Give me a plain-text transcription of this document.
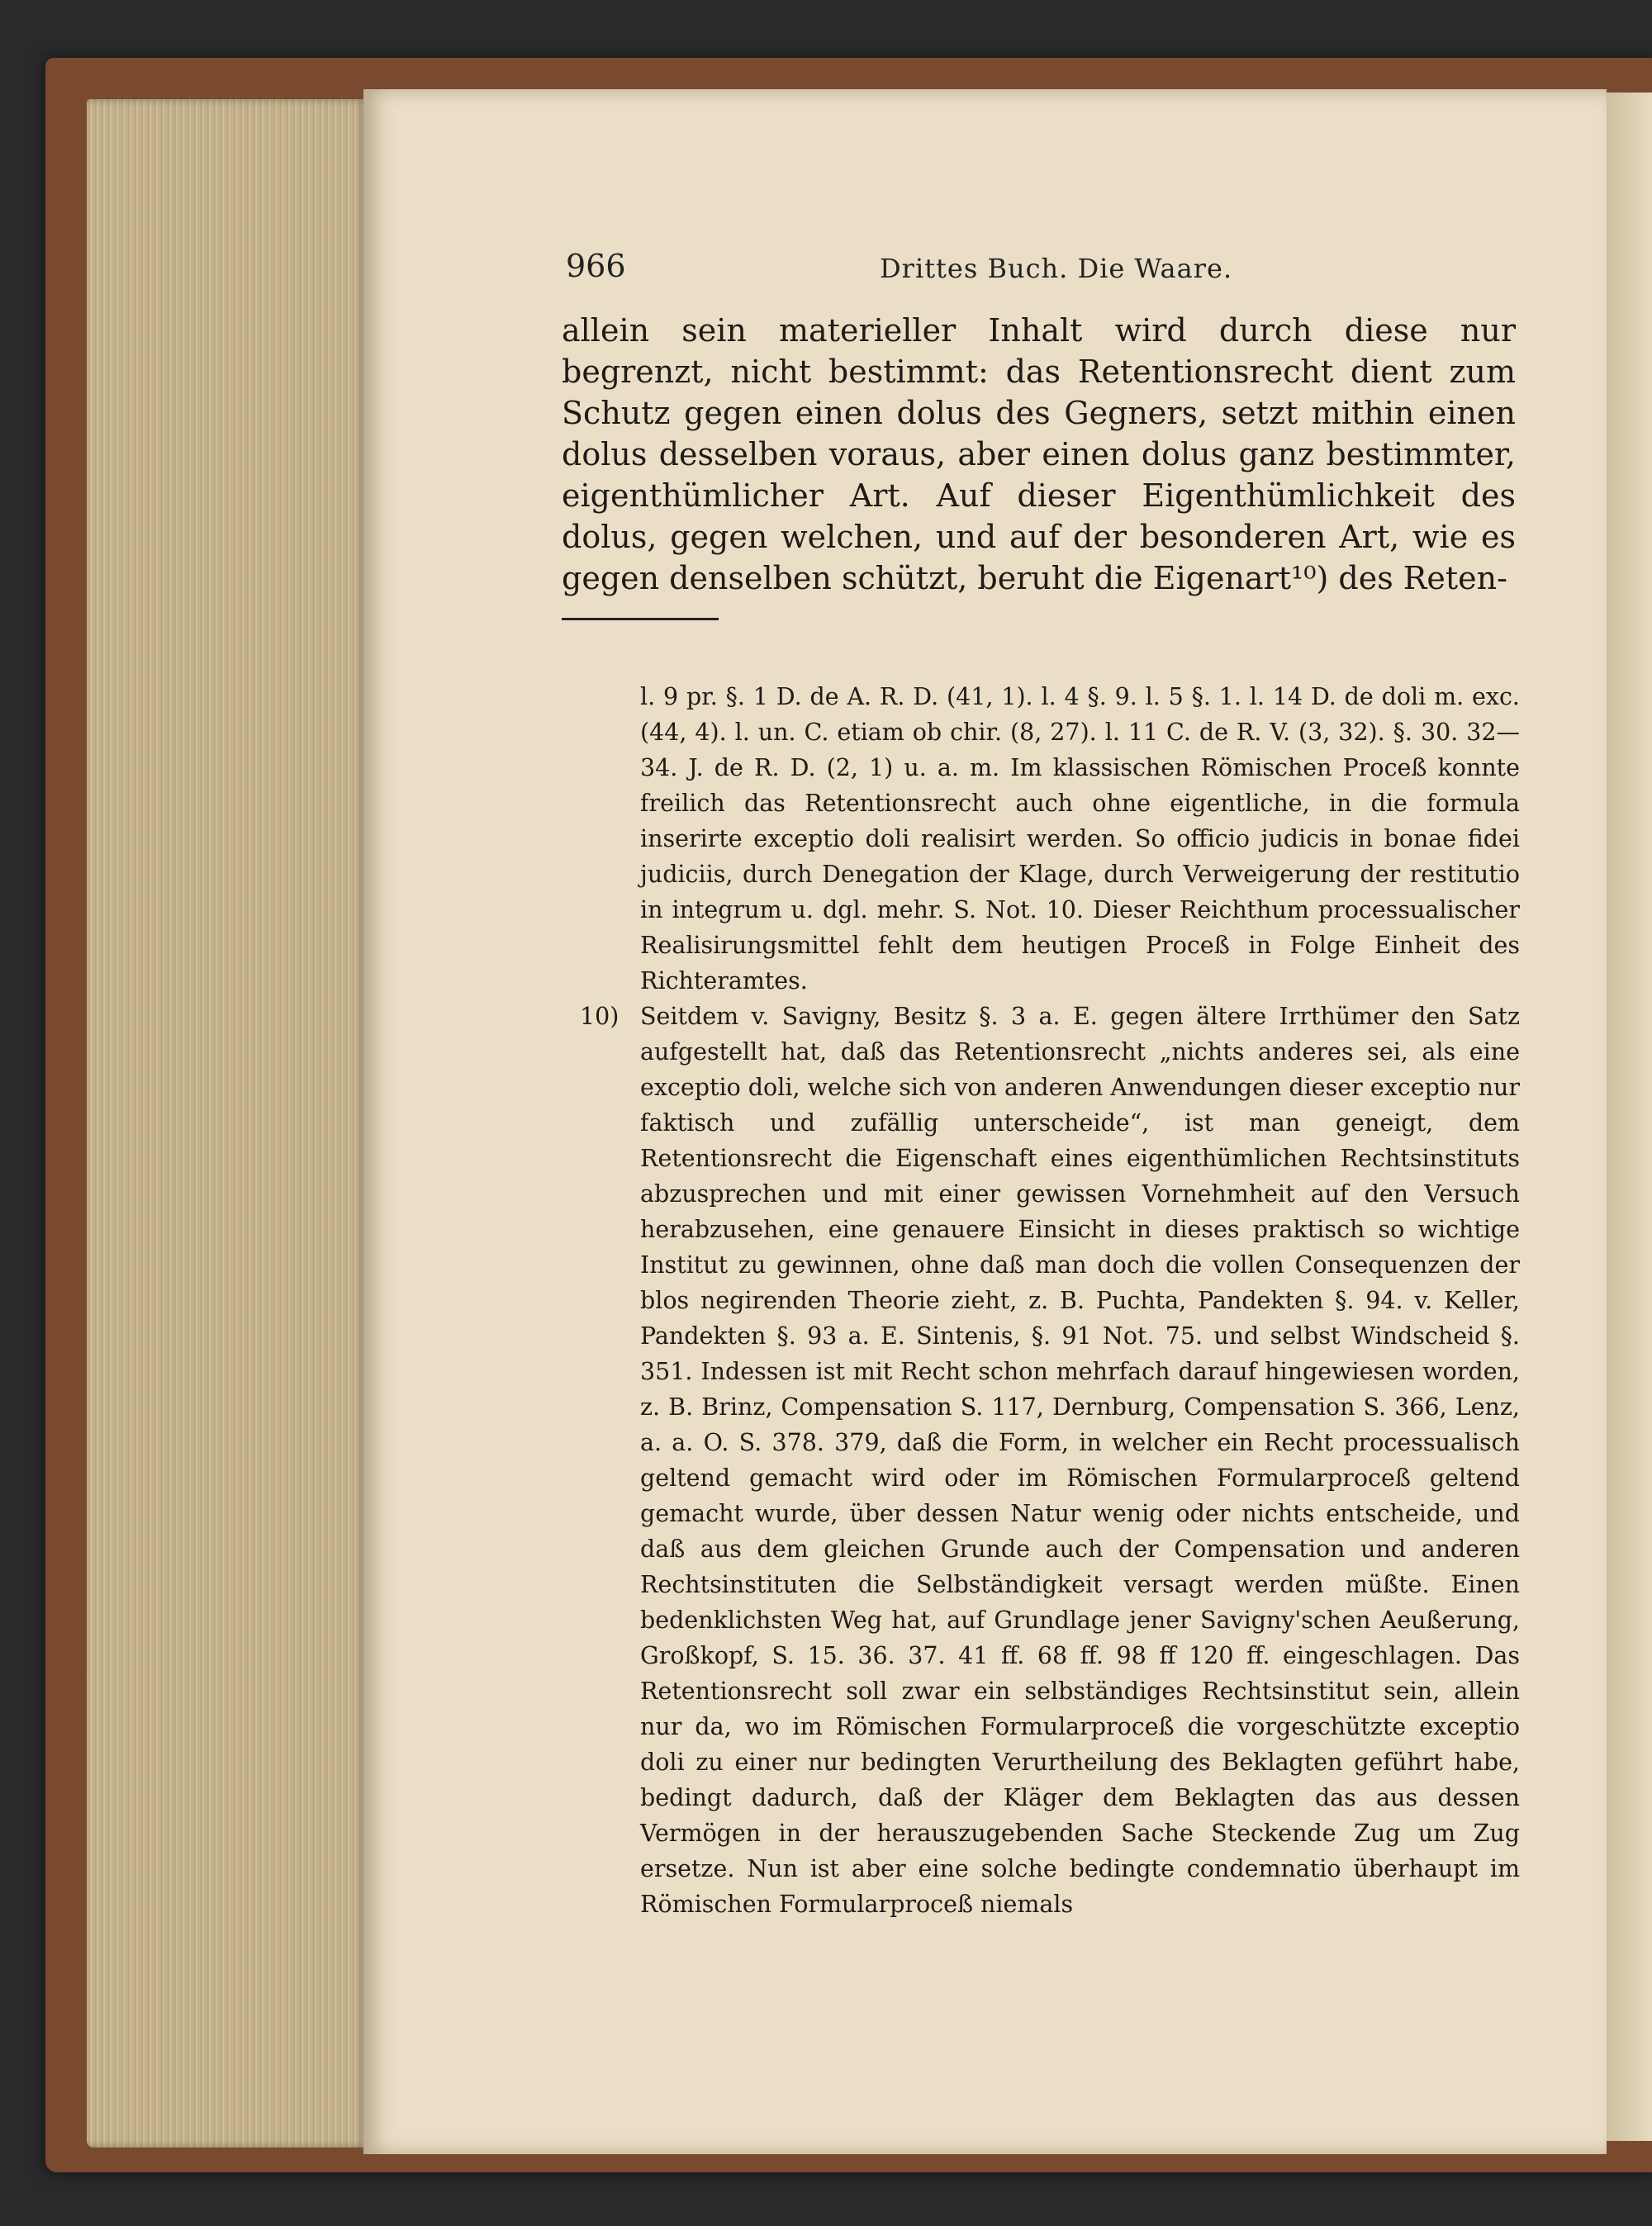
966	Drittes Buch. Die Waare.

allein sein materieller Inhalt wird durch diese nur begrenzt, nicht bestimmt: das Retentionsrecht dient zum Schutz gegen einen dolus des Gegners, setzt mithin einen dolus desselben voraus, aber einen dolus ganz bestimmter, eigenthümlicher Art. Auf dieser Eigenthümlichkeit des dolus, gegen welchen, und auf der besonderen Art, wie es gegen denselben schützt, beruht die Eigenart¹⁰) des Reten-

l. 9 pr. §. 1 D. de A. R. D. (41, 1). l. 4 §. 9. l. 5 §. 1. l. 14 D. de doli m. exc. (44, 4). l. un. C. etiam ob chir. (8, 27). l. 11 C. de R. V. (3, 32). §. 30. 32—34. J. de R. D. (2, 1) u. a. m. Im klassischen Römischen Proceß konnte freilich das Retentionsrecht auch ohne eigentliche, in die formula inserirte exceptio doli realisirt werden. So officio judicis in bonae fidei judiciis, durch Denegation der Klage, durch Verweigerung der restitutio in integrum u. dgl. mehr. S. Not. 10. Dieser Reichthum processualischer Realisirungsmittel fehlt dem heutigen Proceß in Folge Einheit des Richteramtes.
10) Seitdem v. Savigny, Besitz §. 3 a. E. gegen ältere Irrthümer den Satz aufgestellt hat, daß das Retentionsrecht „nichts anderes sei, als eine exceptio doli, welche sich von anderen Anwendungen dieser exceptio nur faktisch und zufällig unterscheide“, ist man geneigt, dem Retentionsrecht die Eigenschaft eines eigenthümlichen Rechtsinstituts abzusprechen und mit einer gewissen Vornehmheit auf den Versuch herabzusehen, eine genauere Einsicht in dieses praktisch so wichtige Institut zu gewinnen, ohne daß man doch die vollen Consequenzen der blos negirenden Theorie zieht, z. B. Puchta, Pandekten §. 94. v. Keller, Pandekten §. 93 a. E. Sintenis, §. 91 Not. 75. und selbst Windscheid §. 351. Indessen ist mit Recht schon mehrfach darauf hingewiesen worden, z. B. Brinz, Compensation S. 117, Dernburg, Compensation S. 366, Lenz, a. a. O. S. 378. 379, daß die Form, in welcher ein Recht processualisch geltend gemacht wird oder im Römischen Formularproceß geltend gemacht wurde, über dessen Natur wenig oder nichts entscheide, und daß aus dem gleichen Grunde auch der Compensation und anderen Rechtsinstituten die Selbständigkeit versagt werden müßte. Einen bedenklichsten Weg hat, auf Grundlage jener Savigny'schen Aeußerung, Großkopf, S. 15. 36. 37. 41 ff. 68 ff. 98 ff 120 ff. eingeschlagen. Das Retentionsrecht soll zwar ein selbständiges Rechtsinstitut sein, allein nur da, wo im Römischen Formularproceß die vorgeschützte exceptio doli zu einer nur bedingten Verurtheilung des Beklagten geführt habe, bedingt dadurch, daß der Kläger dem Beklagten das aus dessen Vermögen in der herauszugebenden Sache Steckende Zug um Zug ersetze. Nun ist aber eine solche bedingte condemnatio überhaupt im Römischen Formularproceß niemals
